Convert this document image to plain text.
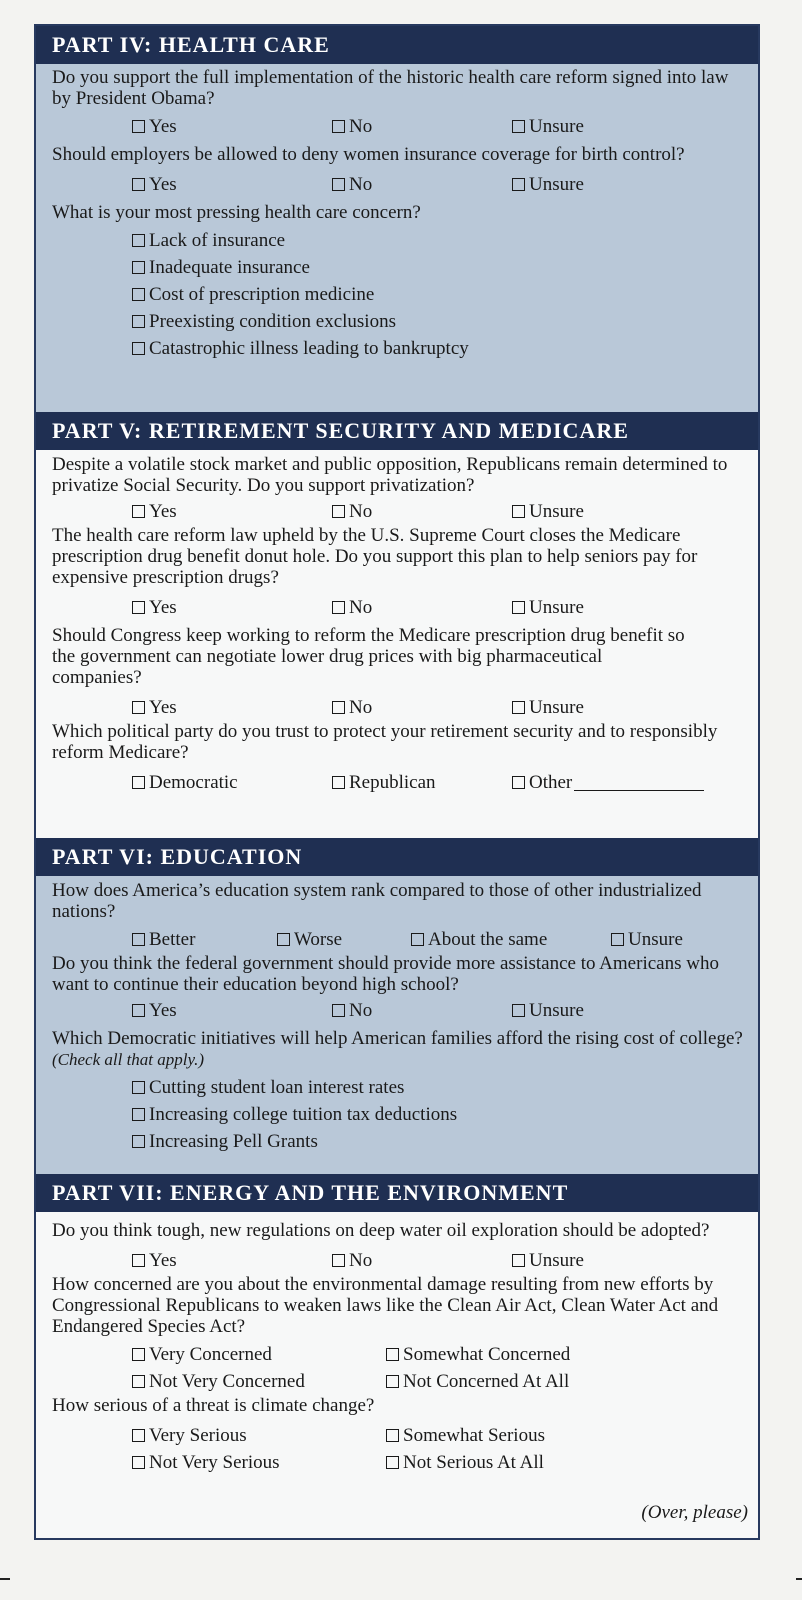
PART IV: HEALTH CARE
Do you support the full implementation of the historic health care reform signed into law by President Obama?
Yes	No	Unsure
Should employers be allowed to deny women insurance coverage for birth control?
Yes	No	Unsure
What is your most pressing health care concern?
Lack of insurance
Inadequate insurance
Cost of prescription medicine
Preexisting condition exclusions
Catastrophic illness leading to bankruptcy
PART V: RETIREMENT SECURITY AND MEDICARE
Despite a volatile stock market and public opposition, Republicans remain determined to privatize Social Security. Do you support privatization?
Yes	No	Unsure
The health care reform law upheld by the U.S. Supreme Court closes the Medicare prescription drug benefit donut hole. Do you support this plan to help seniors pay for expensive prescription drugs?
Yes	No	Unsure
Should Congress keep working to reform the Medicare prescription drug benefit so the government can negotiate lower drug prices with big pharmaceutical companies?
Yes	No	Unsure
Which political party do you trust to protect your retirement security and to responsibly reform Medicare?
Democratic	Republican	Other
PART VI: EDUCATION
How does America’s education system rank compared to those of other industrialized nations?
Better	Worse	About the same	Unsure
Do you think the federal government should provide more assistance to Americans who want to continue their education beyond high school?
Yes	No	Unsure
Which Democratic initiatives will help American families afford the rising cost of college? (Check all that apply.)
Cutting student loan interest rates
Increasing college tuition tax deductions
Increasing Pell Grants
PART VII: ENERGY AND THE ENVIRONMENT
Do you think tough, new regulations on deep water oil exploration should be adopted?
Yes	No	Unsure
How concerned are you about the environmental damage resulting from new efforts by Congressional Republicans to weaken laws like the Clean Air Act, Clean Water Act and Endangered Species Act?
Very Concerned	Somewhat Concerned
Not Very Concerned	Not Concerned At All
How serious of a threat is climate change?
Very Serious	Somewhat Serious
Not Very Serious	Not Serious At All
(Over, please)
